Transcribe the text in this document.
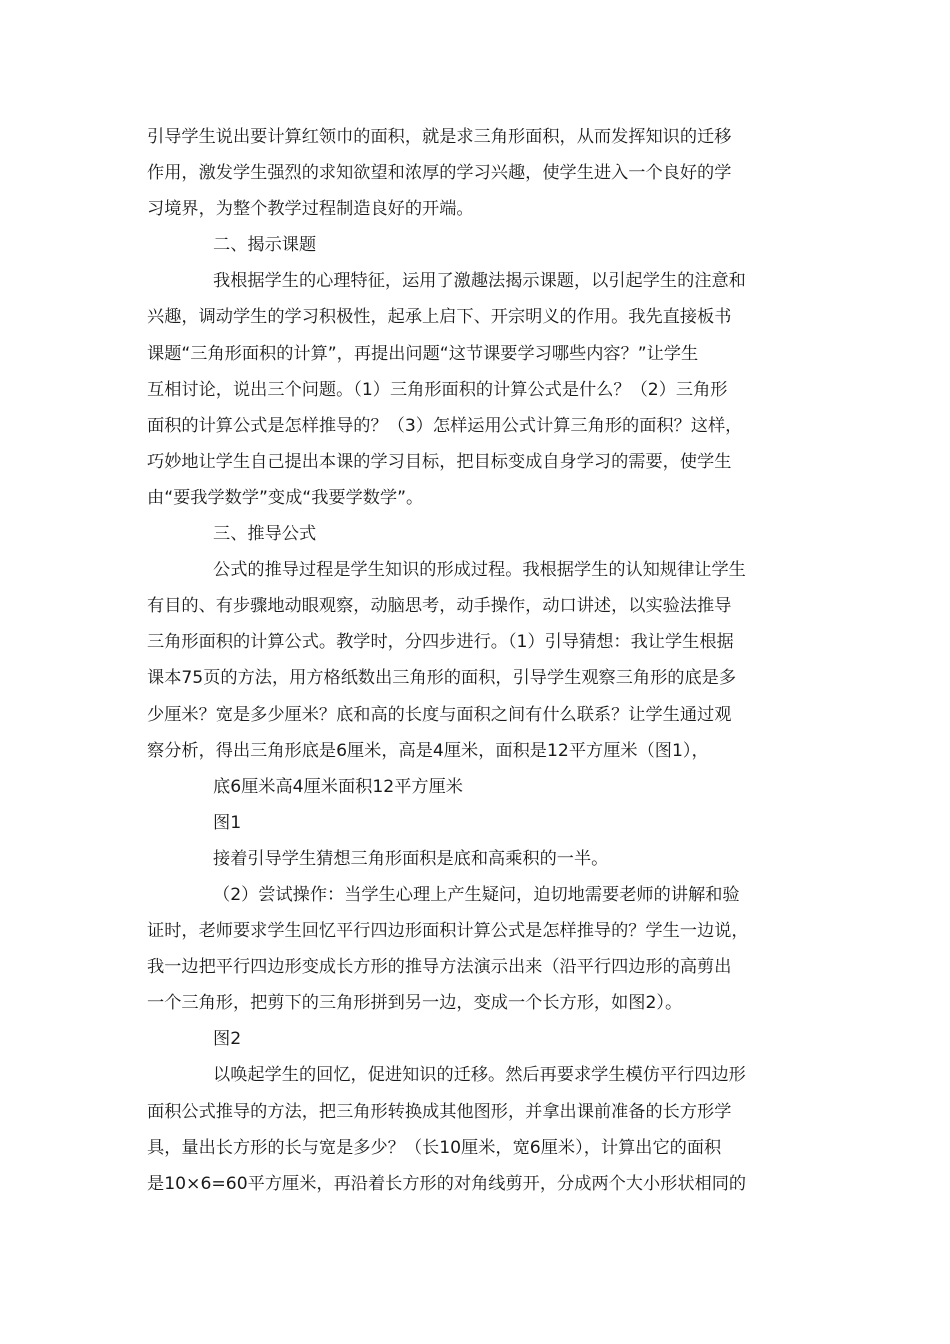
引导学生说出要计算红领巾的面积，就是求三角形面积，从而发挥知识的迁移
作用，激发学生强烈的求知欲望和浓厚的学习兴趣，使学生进入一个良好的学
习境界，为整个教学过程制造良好的开端。
二、揭示课题
我根据学生的心理特征，运用了激趣法揭示课题，以引起学生的注意和
兴趣，调动学生的学习积极性，起承上启下、开宗明义的作用。我先直接板书
课题“三角形面积的计算”，再提出问题“这节课要学习哪些内容？”让学生
互相讨论，说出三个问题。（1）三角形面积的计算公式是什么？（2）三角形
面积的计算公式是怎样推导的？（3）怎样运用公式计算三角形的面积？这样，
巧妙地让学生自己提出本课的学习目标，把目标变成自身学习的需要，使学生
由“要我学数学”变成“我要学数学”。
三、推导公式
公式的推导过程是学生知识的形成过程。我根据学生的认知规律让学生
有目的、有步骤地动眼观察，动脑思考，动手操作，动口讲述，以实验法推导
三角形面积的计算公式。教学时，分四步进行。（1）引导猜想：我让学生根据
课本75页的方法，用方格纸数出三角形的面积，引导学生观察三角形的底是多
少厘米？宽是多少厘米？底和高的长度与面积之间有什么联系？让学生通过观
察分析，得出三角形底是6厘米，高是4厘米，面积是12平方厘米（图1），
底6厘米高4厘米面积12平方厘米
图1
接着引导学生猜想三角形面积是底和高乘积的一半。
（2）尝试操作：当学生心理上产生疑问，迫切地需要老师的讲解和验
证时，老师要求学生回忆平行四边形面积计算公式是怎样推导的？学生一边说，
我一边把平行四边形变成长方形的推导方法演示出来（沿平行四边形的高剪出
一个三角形，把剪下的三角形拼到另一边，变成一个长方形，如图2）。
图2
以唤起学生的回忆，促进知识的迁移。然后再要求学生模仿平行四边形
面积公式推导的方法，把三角形转换成其他图形，并拿出课前准备的长方形学
具，量出长方形的长与宽是多少？（长10厘米，宽6厘米），计算出它的面积
是10×6=60平方厘米，再沿着长方形的对角线剪开，分成两个大小形状相同的
